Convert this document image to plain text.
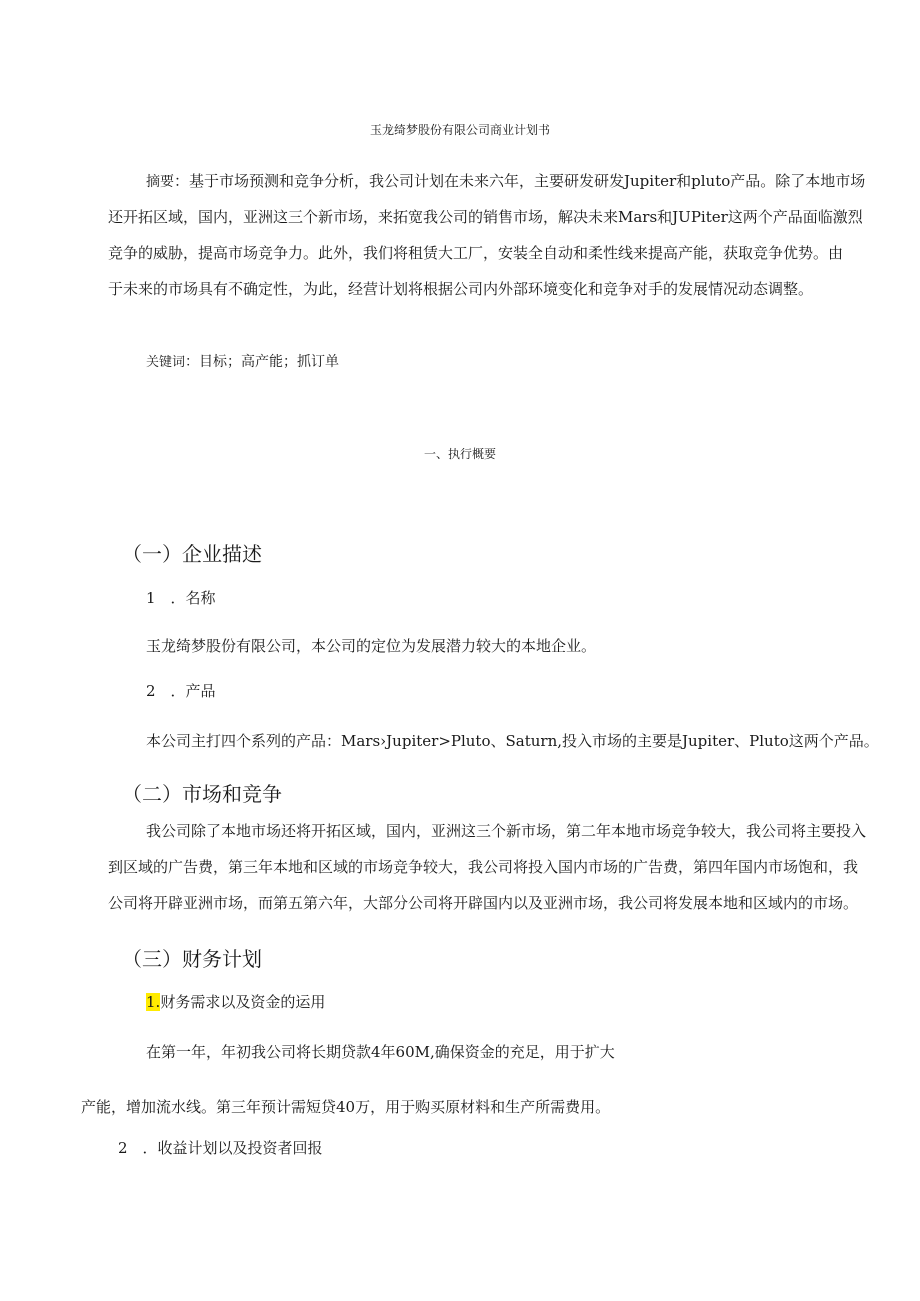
玉龙绮梦股份有限公司商业计划书
摘要：基于市场预测和竞争分析，我公司计划在未来六年，主要研发研发Jupiter和pluto产品。除了本地市场
还开拓区域，国内，亚洲这三个新市场，来拓宽我公司的销售市场，解决未来Mars和JUPiter这两个产品面临激烈
竞争的威胁，提高市场竞争力。此外，我们将租赁大工厂，安装全自动和柔性线来提高产能，获取竞争优势。由
于未来的市场具有不确定性，为此，经营计划将根据公司内外部环境变化和竞争对手的发展情况动态调整。
关键词：目标；高产能；抓订单
一、执行概要
（一）企业描述
1　．名称
玉龙绮梦股份有限公司，本公司的定位为发展潜力较大的本地企业。
2　．产品
本公司主打四个系列的产品：Mars›Jupiter>Pluto、Saturn,投入市场的主要是Jupiter、Pluto这两个产品。
（二）市场和竞争
我公司除了本地市场还将开拓区域，国内，亚洲这三个新市场，第二年本地市场竞争较大，我公司将主要投入
到区域的广告费，第三年本地和区域的市场竞争较大，我公司将投入国内市场的广告费，第四年国内市场饱和，我
公司将开辟亚洲市场，而第五第六年，大部分公司将开辟国内以及亚洲市场，我公司将发展本地和区域内的市场。
（三）财务计划
1.财务需求以及资金的运用
在第一年，年初我公司将长期贷款4年60M,确保资金的充足，用于扩大
产能，增加流水线。第三年预计需短贷40万，用于购买原材料和生产所需费用。
2　．收益计划以及投资者回报
